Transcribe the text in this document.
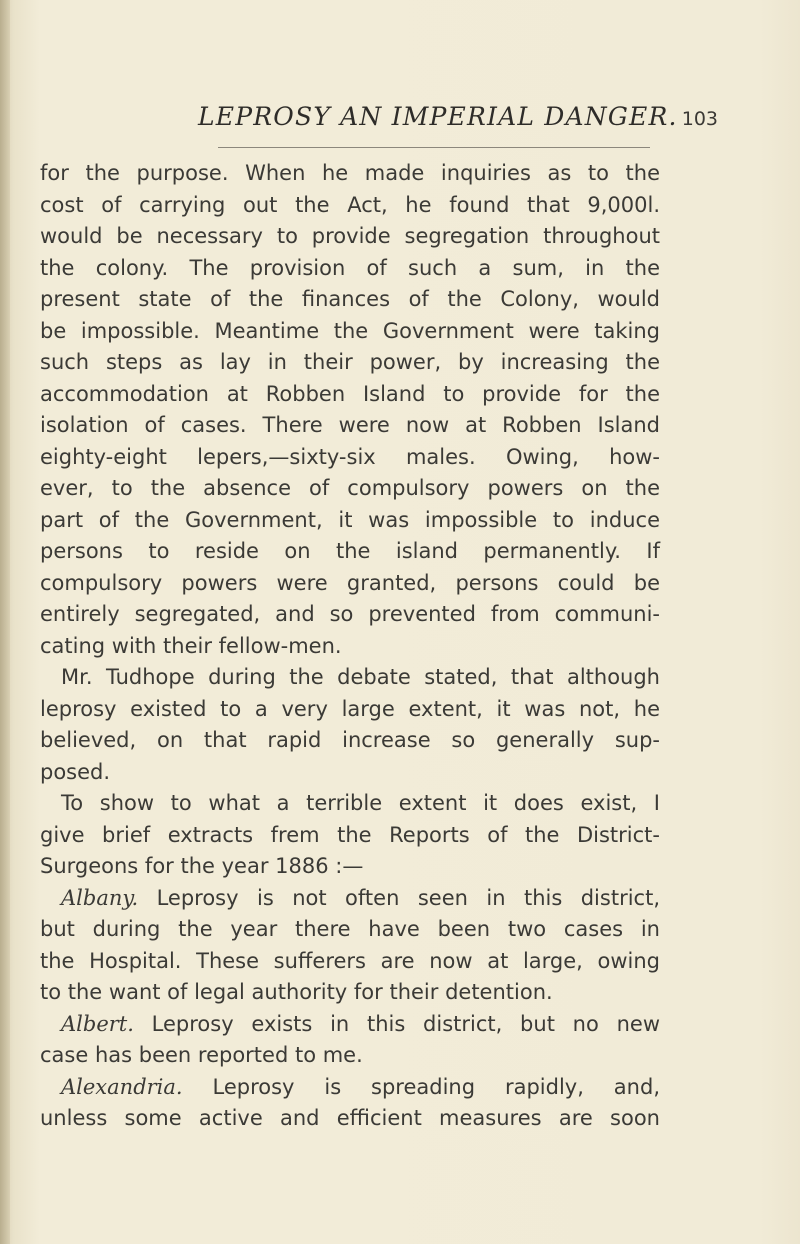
LEPROSY AN IMPERIAL DANGER. 103
for the purpose. When he made inquiries as to the
cost of carrying out the Act, he found that 9,000l.
would be necessary to provide segregation throughout
the colony. The provision of such a sum, in the
present state of the finances of the Colony, would
be impossible. Meantime the Government were taking
such steps as lay in their power, by increasing the
accommodation at Robben Island to provide for the
isolation of cases. There were now at Robben Island
eighty-eight lepers,—sixty-six males. Owing, how-
ever, to the absence of compulsory powers on the
part of the Government, it was impossible to induce
persons to reside on the island permanently. If
compulsory powers were granted, persons could be
entirely segregated, and so prevented from communi-
cating with their fellow-men.
Mr. Tudhope during the debate stated, that although
leprosy existed to a very large extent, it was not, he
believed, on that rapid increase so generally sup-
posed.
To show to what a terrible extent it does exist, I
give brief extracts frem the Reports of the District-
Surgeons for the year 1886 :—
Albany. Leprosy is not often seen in this district,
but during the year there have been two cases in
the Hospital. These sufferers are now at large, owing
to the want of legal authority for their detention.
Albert. Leprosy exists in this district, but no new
case has been reported to me.
Alexandria. Leprosy is spreading rapidly, and,
unless some active and efficient measures are soon
